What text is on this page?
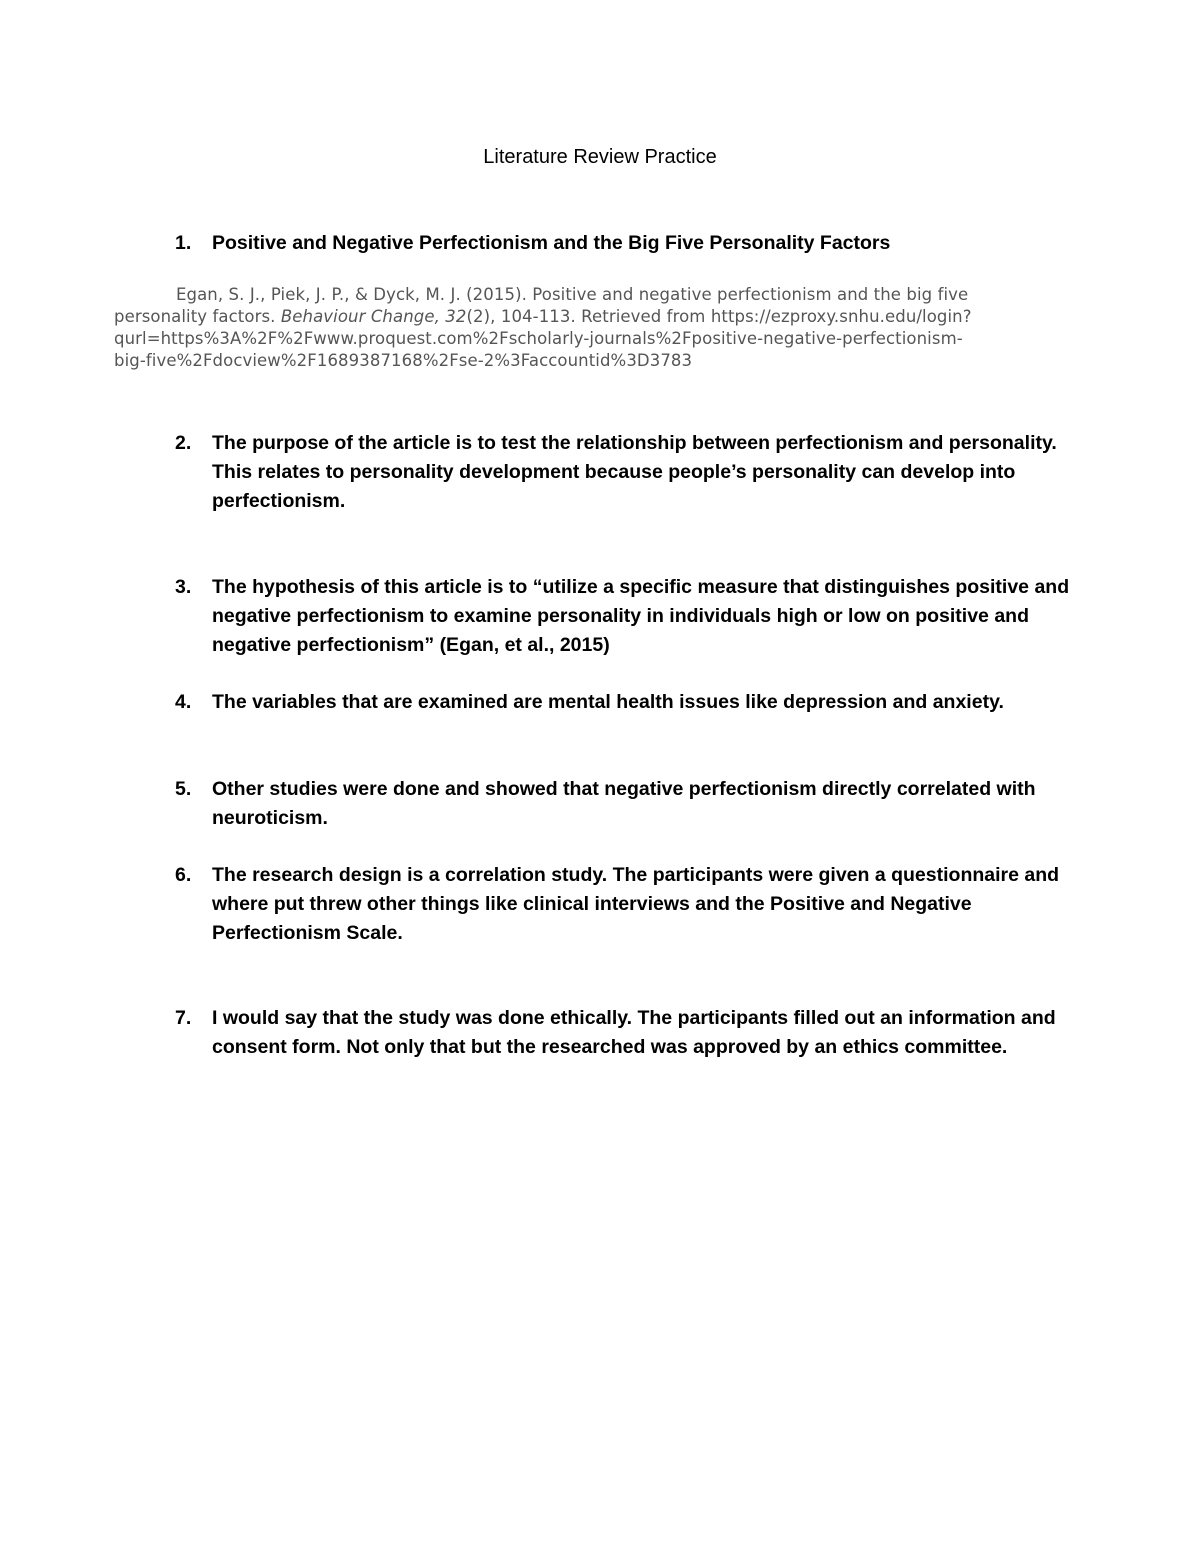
Literature Review Practice
1.	Positive and Negative Perfectionism and the Big Five Personality Factors
Egan, S. J., Piek, J. P., & Dyck, M. J. (2015). Positive and negative perfectionism and the big five
personality factors. Behaviour Change, 32(2), 104-113. Retrieved from https://ezproxy.snhu.edu/login?
qurl=https%3A%2F%2Fwww.proquest.com%2Fscholarly-journals%2Fpositive-negative-perfectionism-
big-five%2Fdocview%2F1689387168%2Fse-2%3Faccountid%3D3783
2.	The purpose of the article is to test the relationship between perfectionism and personality. This relates to personality development because people’s personality can develop into perfectionism.
3.	The hypothesis of this article is to “utilize a specific measure that distinguishes positive and negative perfectionism to examine personality in individuals high or low on positive and negative perfectionism” (Egan, et al., 2015)
4.	The variables that are examined are mental health issues like depression and anxiety.
5.	Other studies were done and showed that negative perfectionism directly correlated with neuroticism.
6.	The research design is a correlation study. The participants were given a questionnaire and where put threw other things like clinical interviews and the Positive and Negative Perfectionism Scale.
7.	I would say that the study was done ethically. The participants filled out an information and consent form. Not only that but the researched was approved by an ethics committee.
